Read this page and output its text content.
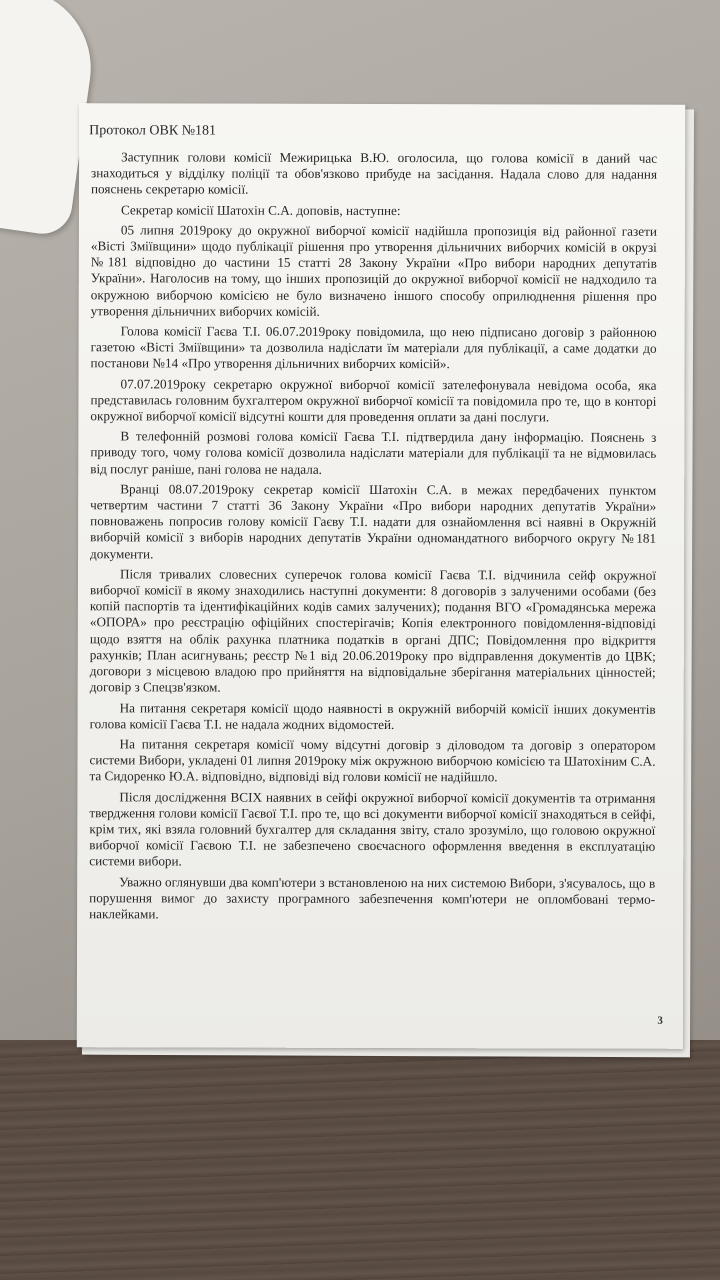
Протокол ОВК №181

Заступник голови комісії Межирицька В.Ю. оголосила, що голова комісії в даний час знаходиться у відділку поліції та обов'язково прибуде на засідання. Надала слово для надання пояснень секретарю комісії.

Секретар комісії Шатохін С.А. доповів, наступне:

05 липня 2019року до окружної виборчої комісії надійшла пропозиція від районної газети «Вісті Зміївщини» щодо публікації рішення про утворення дільничних виборчих комісій в окрузі №181 відповідно до частини 15 статті 28 Закону України «Про вибори народних депутатів України». Наголосив на тому, що інших пропозицій до окружної виборчої комісії не надходило та окружною виборчою комісією не було визначено іншого способу оприлюднення рішення про утворення дільничних виборчих комісій.

Голова комісії Гаєва Т.І. 06.07.2019року повідомила, що нею підписано договір з районною газетою «Вісті Зміївщини» та дозволила надіслати їм матеріали для публікації, а саме додатки до постанови №14 «Про утворення дільничних виборчих комісій».

07.07.2019року секретарю окружної виборчої комісії зателефонувала невідома особа, яка представилась головним бухгалтером окружної виборчої комісії та повідомила про те, що в конторі окружної виборчої комісії відсутні кошти для проведення оплати за дані послуги.

В телефонній розмові голова комісії Гаєва Т.І. підтвердила дану інформацію. Пояснень з приводу того, чому голова комісії дозволила надіслати матеріали для публікації та не відмовилась від послуг раніше, пані голова не надала.

Вранці 08.07.2019року секретар комісії Шатохін С.А. в межах передбачених пунктом четвертим частини 7 статті 36 Закону України «Про вибори народних депутатів України» повноважень попросив голову комісії Гаєву Т.І. надати для ознайомлення всі наявні в Окружній виборчій комісії з виборів народних депутатів України одномандатного виборчого округу №181 документи.

Після тривалих словесних суперечок голова комісії Гаєва Т.І. відчинила сейф окружної виборчої комісії в якому знаходились наступні документи: 8 договорів з залученими особами (без копій паспортів та ідентифікаційних кодів самих залучених); подання ВГО «Громадянська мережа «ОПОРА» про реєстрацію офіційних спостерігачів; Копія електронного повідомлення-відповіді щодо взяття на облік рахунка платника податків в органі ДПС; Повідомлення про відкриття рахунків; План асигнувань; реєстр №1 від 20.06.2019року про відправлення документів до ЦВК; договори з місцевою владою про прийняття на відповідальне зберігання матеріальних цінностей; договір з Спецзв'язком.

На питання секретаря комісії щодо наявності в окружній виборчій комісії інших документів голова комісії Гаєва Т.І. не надала жодних відомостей.

На питання секретаря комісії чому відсутні договір з діловодом та договір з оператором системи Вибори, укладені 01 липня 2019року між окружною виборчою комісією та Шатохіним С.А. та Сидоренко Ю.А. відповідно, відповіді від голови комісії не надійшло.

Після дослідження ВСІХ наявних в сейфі окружної виборчої комісії документів та отримання твердження голови комісії Гаєвої Т.І. про те, що всі документи виборчої комісії знаходяться в сейфі, крім тих, які взяла головний бухгалтер для складання звіту, стало зрозуміло, що головою окружної виборчої комісії Гаєвою Т.І. не забезпечено своєчасного оформлення введення в експлуатацію системи вибори.

Уважно оглянувши два комп'ютери з встановленою на них системою Вибори, з'ясувалось, що в порушення вимог до захисту програмного забезпечення комп'ютери не опломбовані термо-наклейками.

3
